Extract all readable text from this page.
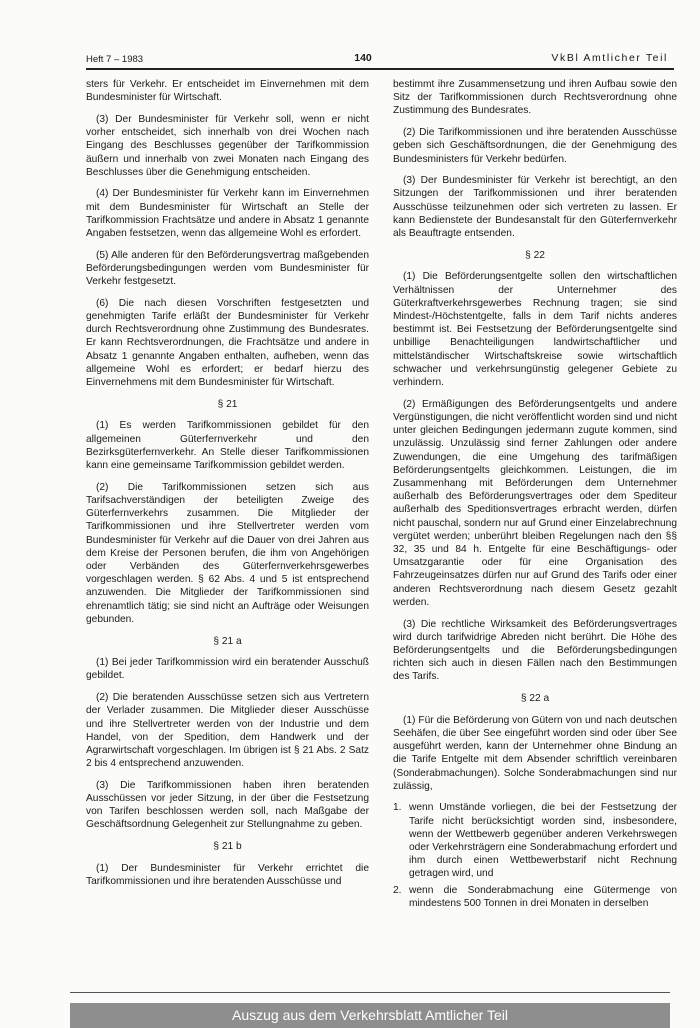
Heft 7 – 1983	140	VkBl Amtlicher Teil

sters für Verkehr. Er entscheidet im Einvernehmen mit dem Bundesminister für Wirtschaft.

(3) Der Bundesminister für Verkehr soll, wenn er nicht vorher entscheidet, sich innerhalb von drei Wochen nach Eingang des Beschlusses gegenüber der Tarifkommission äußern und innerhalb von zwei Monaten nach Eingang des Beschlusses über die Genehmigung entscheiden.

(4) Der Bundesminister für Verkehr kann im Einvernehmen mit dem Bundesminister für Wirtschaft an Stelle der Tarifkommission Frachtsätze und andere in Absatz 1 genannte Angaben festsetzen, wenn das allgemeine Wohl es erfordert.

(5) Alle anderen für den Beförderungsvertrag maßgebenden Beförderungsbedingungen werden vom Bundesminister für Verkehr festgesetzt.

(6) Die nach diesen Vorschriften festgesetzten und genehmigten Tarife erläßt der Bundesminister für Verkehr durch Rechtsverordnung ohne Zustimmung des Bundesrates. Er kann Rechtsverordnungen, die Frachtsätze und andere in Absatz 1 genannte Angaben enthalten, aufheben, wenn das allgemeine Wohl es erfordert; er bedarf hierzu des Einvernehmens mit dem Bundesminister für Wirtschaft.

§ 21

(1) Es werden Tarifkommissionen gebildet für den allgemeinen Güterfernverkehr und den Bezirksgüterfernverkehr. An Stelle dieser Tarifkommissionen kann eine gemeinsame Tarifkommission gebildet werden.

(2) Die Tarifkommissionen setzen sich aus Tarifsachverständigen der beteiligten Zweige des Güterfernverkehrs zusammen. Die Mitglieder der Tarifkommissionen und ihre Stellvertreter werden vom Bundesminister für Verkehr auf die Dauer von drei Jahren aus dem Kreise der Personen berufen, die ihm von Angehörigen oder Verbänden des Güterfernverkehrsgewerbes vorgeschlagen werden. § 62 Abs. 4 und 5 ist entsprechend anzuwenden. Die Mitglieder der Tarifkommissionen sind ehrenamtlich tätig; sie sind nicht an Aufträge oder Weisungen gebunden.

§ 21 a

(1) Bei jeder Tarifkommission wird ein beratender Ausschuß gebildet.

(2) Die beratenden Ausschüsse setzen sich aus Vertretern der Verlader zusammen. Die Mitglieder dieser Ausschüsse und ihre Stellvertreter werden von der Industrie und dem Handel, von der Spedition, dem Handwerk und der Agrarwirtschaft vorgeschlagen. Im übrigen ist § 21 Abs. 2 Satz 2 bis 4 entsprechend anzuwenden.

(3) Die Tarifkommissionen haben ihren beratenden Ausschüssen vor jeder Sitzung, in der über die Festsetzung von Tarifen beschlossen werden soll, nach Maßgabe der Geschäftsordnung Gelegenheit zur Stellungnahme zu geben.

§ 21 b

(1) Der Bundesminister für Verkehr errichtet die Tarifkommissionen und ihre beratenden Ausschüsse und

bestimmt ihre Zusammensetzung und ihren Aufbau sowie den Sitz der Tarifkommissionen durch Rechtsverordnung ohne Zustimmung des Bundesrates.

(2) Die Tarifkommissionen und ihre beratenden Ausschüsse geben sich Geschäftsordnungen, die der Genehmigung des Bundesministers für Verkehr bedürfen.

(3) Der Bundesminister für Verkehr ist berechtigt, an den Sitzungen der Tarifkommissionen und ihrer beratenden Ausschüsse teilzunehmen oder sich vertreten zu lassen. Er kann Bedienstete der Bundesanstalt für den Güterfernverkehr als Beauftragte entsenden.

§ 22

(1) Die Beförderungsentgelte sollen den wirtschaftlichen Verhältnissen der Unternehmer des Güterkraftverkehrsgewerbes Rechnung tragen; sie sind Mindest-/Höchstentgelte, falls in dem Tarif nichts anderes bestimmt ist. Bei Festsetzung der Beförderungsentgelte sind unbillige Benachteiligungen landwirtschaftlicher und mittelständischer Wirtschaftskreise sowie wirtschaftlich schwacher und verkehrsungünstig gelegener Gebiete zu verhindern.

(2) Ermäßigungen des Beförderungsentgelts und andere Vergünstigungen, die nicht veröffentlicht worden sind und nicht unter gleichen Bedingungen jedermann zugute kommen, sind unzulässig. Unzulässig sind ferner Zahlungen oder andere Zuwendungen, die eine Umgehung des tarifmäßigen Beförderungsentgelts gleichkommen. Leistungen, die im Zusammenhang mit Beförderungen dem Unternehmer außerhalb des Beförderungsvertrages oder dem Spediteur außerhalb des Speditionsvertrages erbracht werden, dürfen nicht pauschal, sondern nur auf Grund einer Einzelabrechnung vergütet werden; unberührt bleiben Regelungen nach den §§ 32, 35 und 84 h. Entgelte für eine Beschäftigungs- oder Umsatzgarantie oder für eine Organisation des Fahrzeugeinsatzes dürfen nur auf Grund des Tarifs oder einer anderen Rechtsverordnung nach diesem Gesetz gezahlt werden.

(3) Die rechtliche Wirksamkeit des Beförderungsvertrages wird durch tarifwidrige Abreden nicht berührt. Die Höhe des Beförderungsentgelts und die Beförderungsbedingungen richten sich auch in diesen Fällen nach den Bestimmungen des Tarifs.

§ 22 a

(1) Für die Beförderung von Gütern von und nach deutschen Seehäfen, die über See eingeführt worden sind oder über See ausgeführt werden, kann der Unternehmer ohne Bindung an die Tarife Entgelte mit dem Absender schriftlich vereinbaren (Sonderabmachungen). Solche Sonderabmachungen sind nur zulässig,

1. wenn Umstände vorliegen, die bei der Festsetzung der Tarife nicht berücksichtigt worden sind, insbesondere, wenn der Wettbewerb gegenüber anderen Verkehrswegen oder Verkehrsträgern eine Sonderabmachung erfordert und ihm durch einen Wettbewerbstarif nicht Rechnung getragen wird, und
2. wenn die Sonderabmachung eine Gütermenge von mindestens 500 Tonnen in drei Monaten in derselben
Auszug aus dem Verkehrsblatt Amtlicher Teil
